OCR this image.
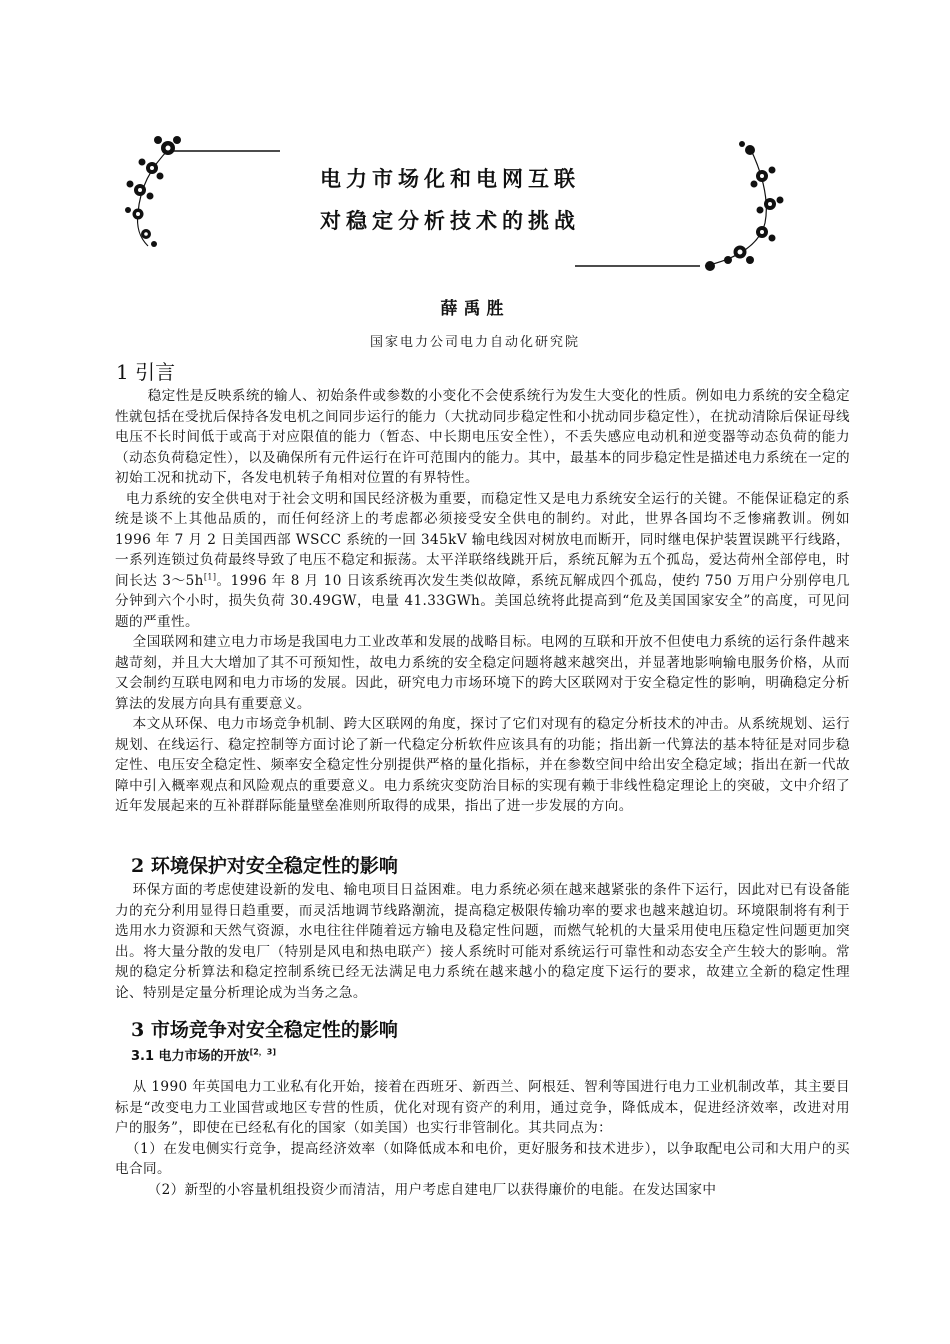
电力市场化和电网互联
对稳定分析技术的挑战
薛禹胜
国家电力公司电力自动化研究院
1 引言

稳定性是反映系统的输人、初始条件或参数的小变化不会使系统行为发生大变化的性质。例如电力系统的安全稳定性就包括在受扰后保持各发电机之间同步运行的能力（大扰动同步稳定性和小扰动同步稳定性），在扰动清除后保证母线电压不长时间低于或高于对应限值的能力（暂态、中长期电压安全性），不丢失感应电动机和逆变器等动态负荷的能力（动态负荷稳定性），以及确保所有元件运行在许可范围内的能力。其中，最基本的同步稳定性是描述电力系统在一定的初始工况和扰动下，各发电机转子角相对位置的有界特性。

电力系统的安全供电对于社会文明和国民经济极为重要，而稳定性又是电力系统安全运行的关键。不能保证稳定的系统是谈不上其他品质的，而任何经济上的考虑都必须接受安全供电的制约。对此，世界各国均不乏惨痛教训。例如 1996 年 7 月 2 日美国西部 WSCC 系统的一回 345kV 输电线因对树放电而断开，同时继电保护装置误跳平行线路，一系列连锁过负荷最终导致了电压不稳定和振荡。太平洋联络线跳开后，系统瓦解为五个孤岛，爱达荷州全部停电，时间长达 3～5h[1]。1996 年 8 月 10 日该系统再次发生类似故障，系统瓦解成四个孤岛，使约 750 万用户分别停电几分钟到六个小时，损失负荷 30.49GW，电量 41.33GWh。美国总统将此提高到“危及美国国家安全”的高度，可见问题的严重性。

全国联网和建立电力市场是我国电力工业改革和发展的战略目标。电网的互联和开放不但使电力系统的运行条件越来越苛刻，并且大大增加了其不可预知性，故电力系统的安全稳定问题将越来越突出，并显著地影响输电服务价格，从而又会制约互联电网和电力市场的发展。因此，研究电力市场环境下的跨大区联网对于安全稳定性的影响，明确稳定分析算法的发展方向具有重要意义。

本文从环保、电力市场竞争机制、跨大区联网的角度，探讨了它们对现有的稳定分析技术的冲击。从系统规划、运行规划、在线运行、稳定控制等方面讨论了新一代稳定分析软件应该具有的功能；指出新一代算法的基本特征是对同步稳定性、电压安全稳定性、频率安全稳定性分别提供严格的量化指标，并在参数空间中给出安全稳定域；指出在新一代故障中引入概率观点和风险观点的重要意义。电力系统灾变防治目标的实现有赖于非线性稳定理论上的突破，文中介绍了近年发展起来的互补群群际能量壁垒准则所取得的成果，指出了进一步发展的方向。

2 环境保护对安全稳定性的影响

环保方面的考虑使建设新的发电、输电项目日益困难。电力系统必须在越来越紧张的条件下运行，因此对已有设备能力的充分利用显得日趋重要，而灵活地调节线路潮流，提高稳定极限传输功率的要求也越来越迫切。环境限制将有利于选用水力资源和天然气资源，水电往往伴随着远方输电及稳定性问题，而燃气轮机的大量采用使电压稳定性问题更加突出。将大量分散的发电厂（特别是风电和热电联产）接人系统时可能对系统运行可靠性和动态安全产生较大的影响。常规的稳定分析算法和稳定控制系统已经无法满足电力系统在越来越小的稳定度下运行的要求，故建立全新的稳定性理论、特别是定量分析理论成为当务之急。

3 市场竞争对安全稳定性的影响
3.1 电力市场的开放[2，3]

从 1990 年英国电力工业私有化开始，接着在西班牙、新西兰、阿根廷、智利等国进行电力工业机制改革，其主要目标是“改变电力工业国营或地区专营的性质，优化对现有资产的利用，通过竞争，降低成本，促进经济效率，改进对用户的服务”，即使在已经私有化的国家（如美国）也实行非管制化。其共同点为：

（1）在发电侧实行竞争，提高经济效率（如降低成本和电价，更好服务和技术进步），以争取配电公司和大用户的买电合同。

（2）新型的小容量机组投资少而清洁，用户考虑自建电厂以获得廉价的电能。在发达国家中
